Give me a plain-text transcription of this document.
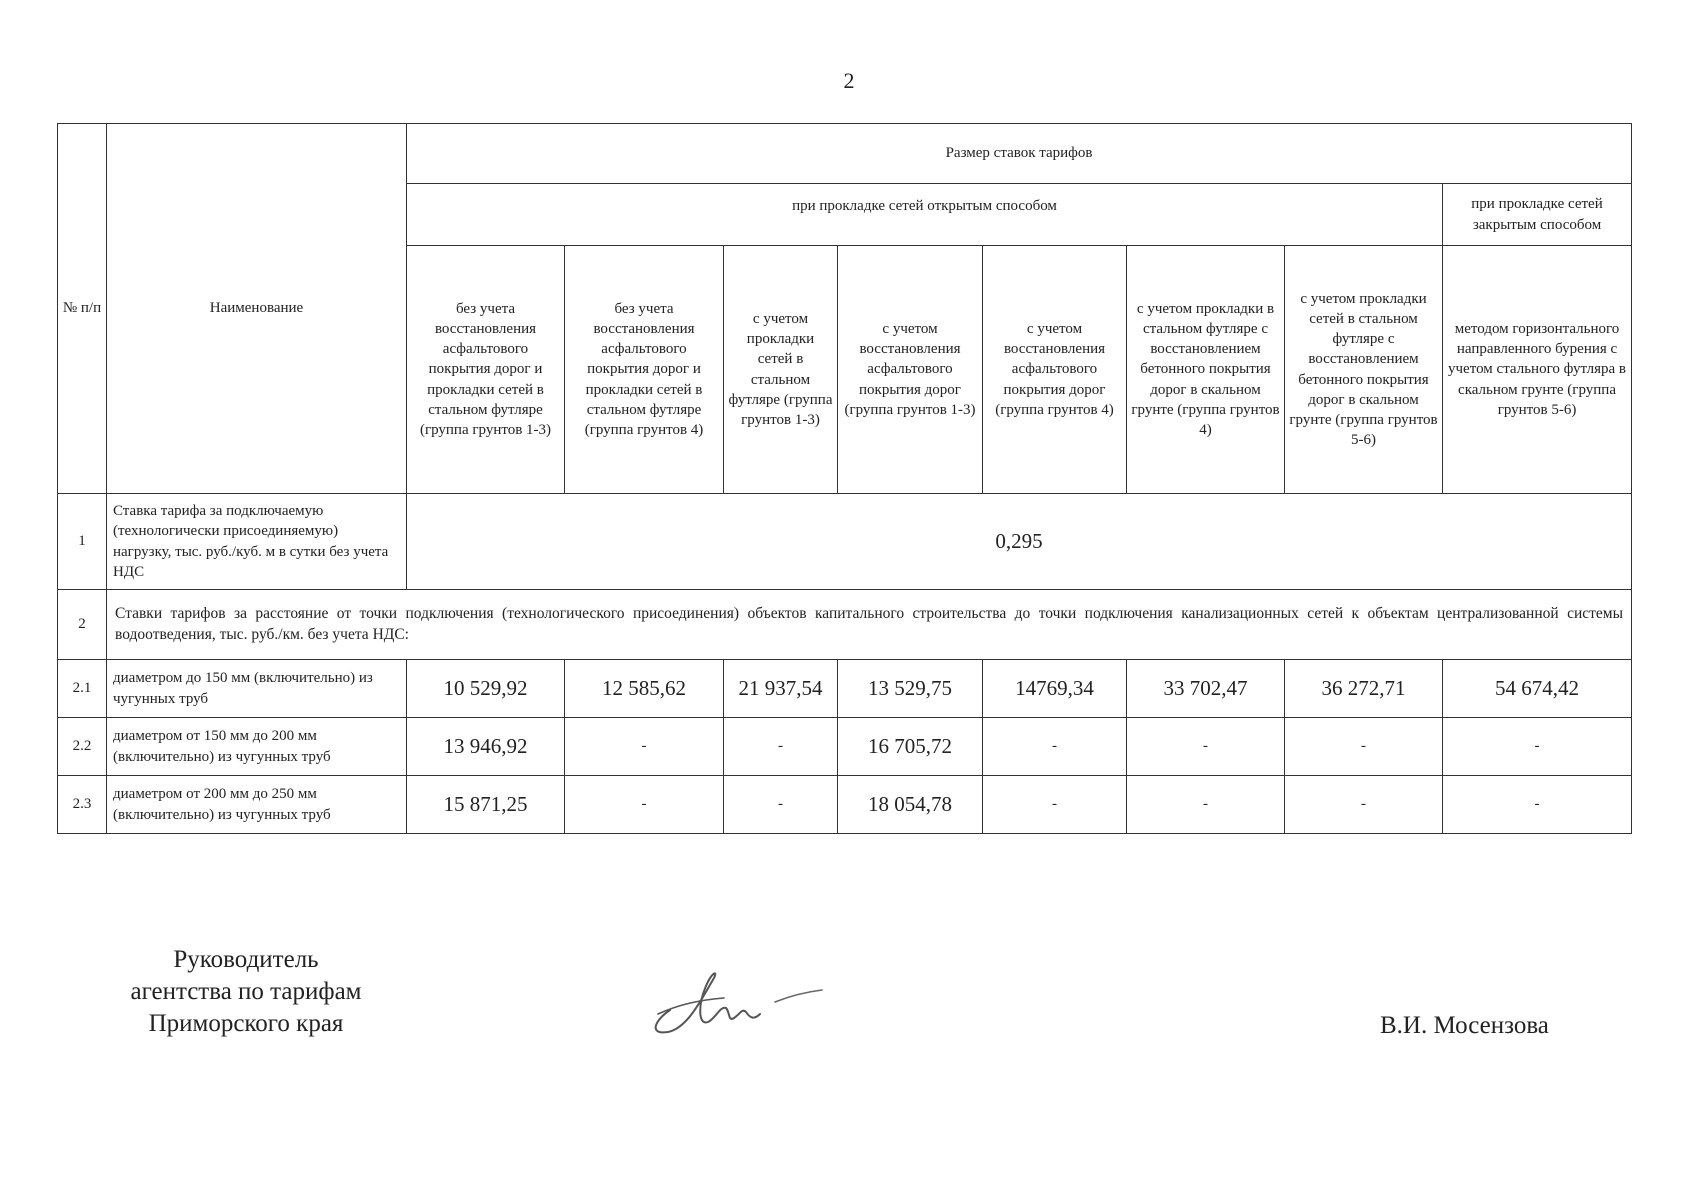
2
№ п/п	Наименование	Размер ставок тарифов							
		при прокладке сетей открытым способом							при прокладке сетей закрытым способом
		без учета восстановления асфальтового покрытия дорог и прокладки сетей в стальном футляре (группа грунтов 1-3)	без учета восстановления асфальтового покрытия дорог и прокладки сетей в стальном футляре (группа грунтов 4)	с учетом прокладки сетей в стальном футляре (группа грунтов 1-3)	с учетом восстановления асфальтового покрытия дорог (группа грунтов 1-3)	с учетом восстановления асфальтового покрытия дорог (группа грунтов 4)	с учетом прокладки в стальном футляре с восстановлением бетонного покрытия дорог в скальном грунте (группа грунтов 4)	с учетом прокладки сетей в стальном футляре с восстановлением бетонного покрытия дорог в скальном грунте (группа грунтов 5-6)	методом горизонтального направленного бурения с учетом стального футляра в скальном грунте (группа грунтов 5-6)
1	Ставка тарифа за подключаемую (технологически присоединяемую) нагрузку, тыс. руб./куб. м в сутки без учета НДС	0,295							
2	Ставки тарифов за расстояние от точки подключения (технологического присоединения) объектов капитального строительства до точки подключения канализационных сетей к объектам централизованной системы водоотведения, тыс. руб./км. без учета НДС:								
2.1	диаметром до 150 мм (включительно) из чугунных труб	10 529,92	12 585,62	21 937,54	13 529,75	14769,34	33 702,47	36 272,71	54 674,42
2.2	диаметром от 150 мм до 200 мм (включительно) из чугунных труб	13 946,92	-	-	16 705,72	-	-	-	-
2.3	диаметром от 200 мм до 250 мм (включительно) из чугунных труб	15 871,25	-	-	18 054,78	-	-	-	-
Руководитель
агентства по тарифам
Приморского края	В.И. Мосензова
